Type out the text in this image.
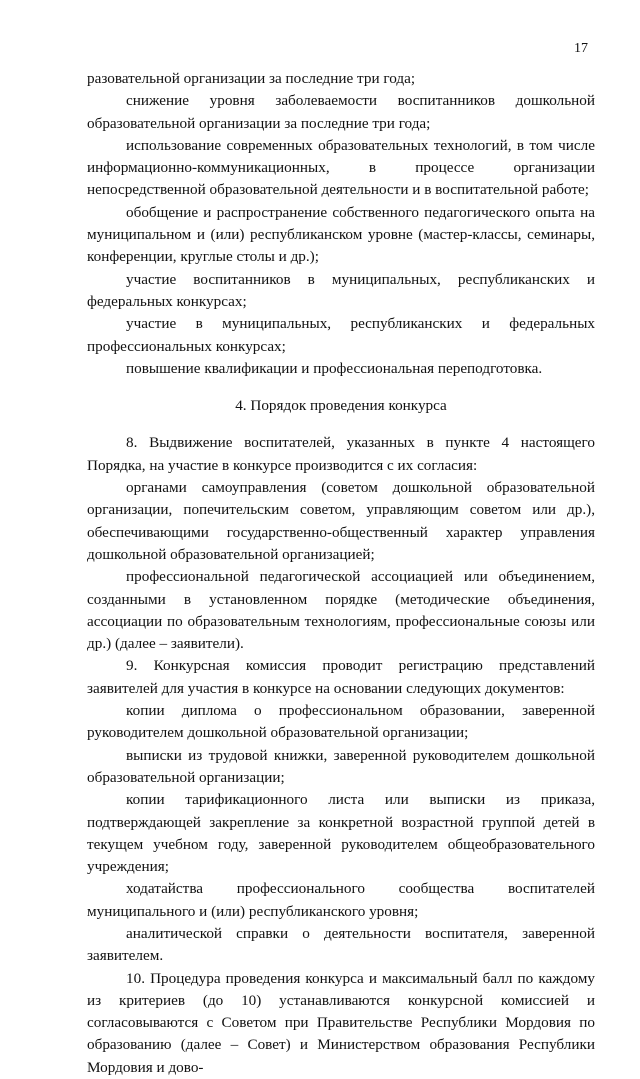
17

разовательной организации за последние три года;

снижение уровня заболеваемости воспитанников дошкольной образовательной организации за последние три года;

использование современных образовательных технологий, в том числе информационно-коммуникационных, в процессе организации непосредственной образовательной деятельности и в воспитательной работе;

обобщение и распространение собственного педагогического опыта на муниципальном и (или) республиканском уровне (мастер-классы, семинары, конференции, круглые столы и др.);

участие воспитанников в муниципальных, республиканских и федеральных конкурсах;

участие в муниципальных, республиканских и федеральных профессиональных конкурсах;

повышение квалификации и профессиональная переподготовка.

4. Порядок проведения конкурса

8. Выдвижение воспитателей, указанных в пункте 4 настоящего Порядка, на участие в конкурсе производится с их согласия:

органами самоуправления (советом дошкольной образовательной организации, попечительским советом, управляющим советом или др.), обеспечивающими государственно-общественный характер управления дошкольной образовательной организацией;

профессиональной педагогической ассоциацией или объединением, созданными в установленном порядке (методические объединения, ассоциации по образовательным технологиям, профессиональные союзы или др.) (далее – заявители).

9. Конкурсная комиссия проводит регистрацию представлений заявителей для участия в конкурсе на основании следующих документов:

копии диплома о профессиональном образовании, заверенной руководителем дошкольной образовательной организации;

выписки из трудовой книжки, заверенной руководителем дошкольной образовательной организации;

копии тарификационного листа или выписки из приказа, подтверждающей закрепление за конкретной возрастной группой детей в текущем учебном году, заверенной руководителем общеобразовательного учреждения;

ходатайства профессионального сообщества воспитателей муниципального и (или) республиканского уровня;

аналитической справки о деятельности воспитателя, заверенной заявителем.

10. Процедура проведения конкурса и максимальный балл по каждому из критериев (до 10) устанавливаются конкурсной комиссией и согласовываются с Советом при Правительстве Республики Мордовия по образованию (далее – Совет) и Министерством образования Республики Мордовия и дово-
